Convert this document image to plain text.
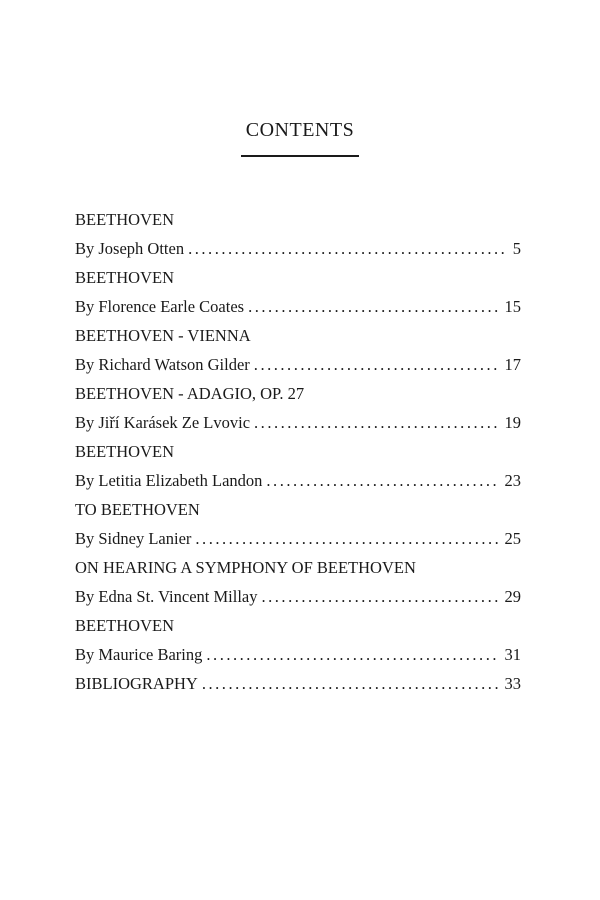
CONTENTS
BEETHOVEN
By Joseph Otten . . .	5
BEETHOVEN
By Florence Earle Coates . . .	15
BEETHOVEN - VIENNA
By Richard Watson Gilder . . .	17
BEETHOVEN - ADAGIO, OP. 27
By Jiří Karásek Ze Lvovic . . .	19
BEETHOVEN
By Letitia Elizabeth Landon . . .	23
TO BEETHOVEN
By Sidney Lanier . . .	25
ON HEARING A SYMPHONY OF BEETHOVEN
By Edna St. Vincent Millay . . .	29
BEETHOVEN
By Maurice Baring . . .	31
BIBLIOGRAPHY . . .	33
